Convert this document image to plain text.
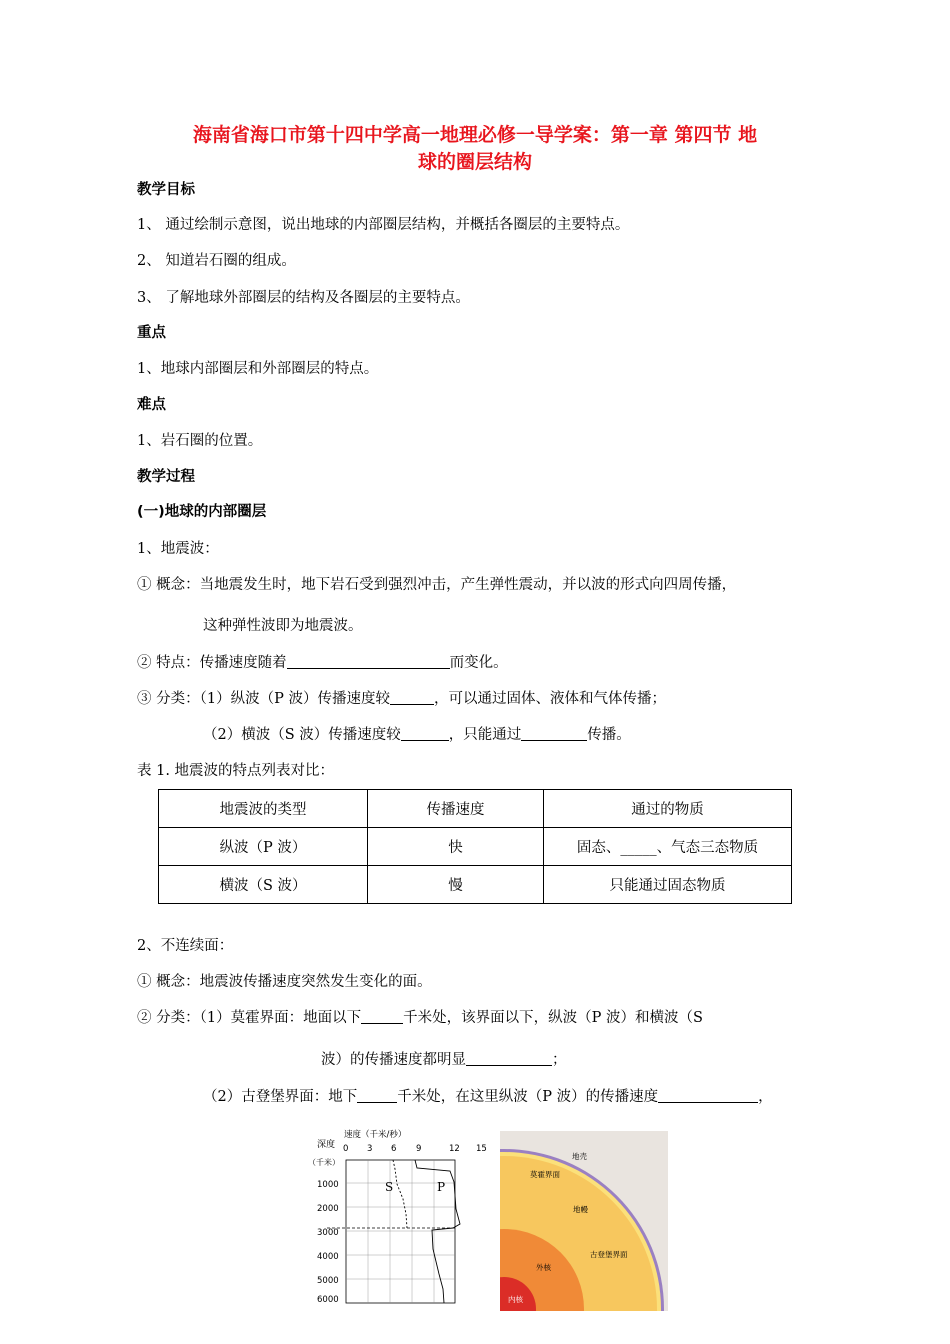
海南省海口市第十四中学高一地理必修一导学案：第一章 第四节 地
球的圈层结构
教学目标
1、 通过绘制示意图，说出地球的内部圈层结构，并概括各圈层的主要特点。
2、 知道岩石圈的组成。
3、 了解地球外部圈层的结构及各圈层的主要特点。
重点
1、地球内部圈层和外部圈层的特点。
难点
1、岩石圈的位置。
教学过程
(一)地球的内部圈层
1、地震波：
① 概念：当地震发生时，地下岩石受到强烈冲击，产生弹性震动，并以波的形式向四周传播，
这种弹性波即为地震波。
② 特点：传播速度随着	而变化。
③ 分类：（1）纵波（P 波）传播速度较	，可以通过固体、液体和气体传播；
（2）横波（S 波）传播速度较	，只能通过	传播。
表 1. 地震波的特点列表对比：
地震波的类型	传播速度	通过的物质
纵波（P 波）	快	固态、_____、气态三态物质
横波（S 波）	慢	只能通过固态物质
2、不连续面：
① 概念：地震波传播速度突然发生变化的面。
② 分类：（1）莫霍界面：地面以下	千米处，该界面以下，纵波（P 波）和横波（S
波）的传播速度都明显	；
（2）古登堡界面：地下	千米处，在这里纵波（P 波）的传播速度	，
速度（千米/秒）
深度
（千米）
0 3 6 9	12 15
1000
2000
3000
4000
5000
6000
S	P
地壳
莫霍界面
地幔
古登堡界面
外核
内核
